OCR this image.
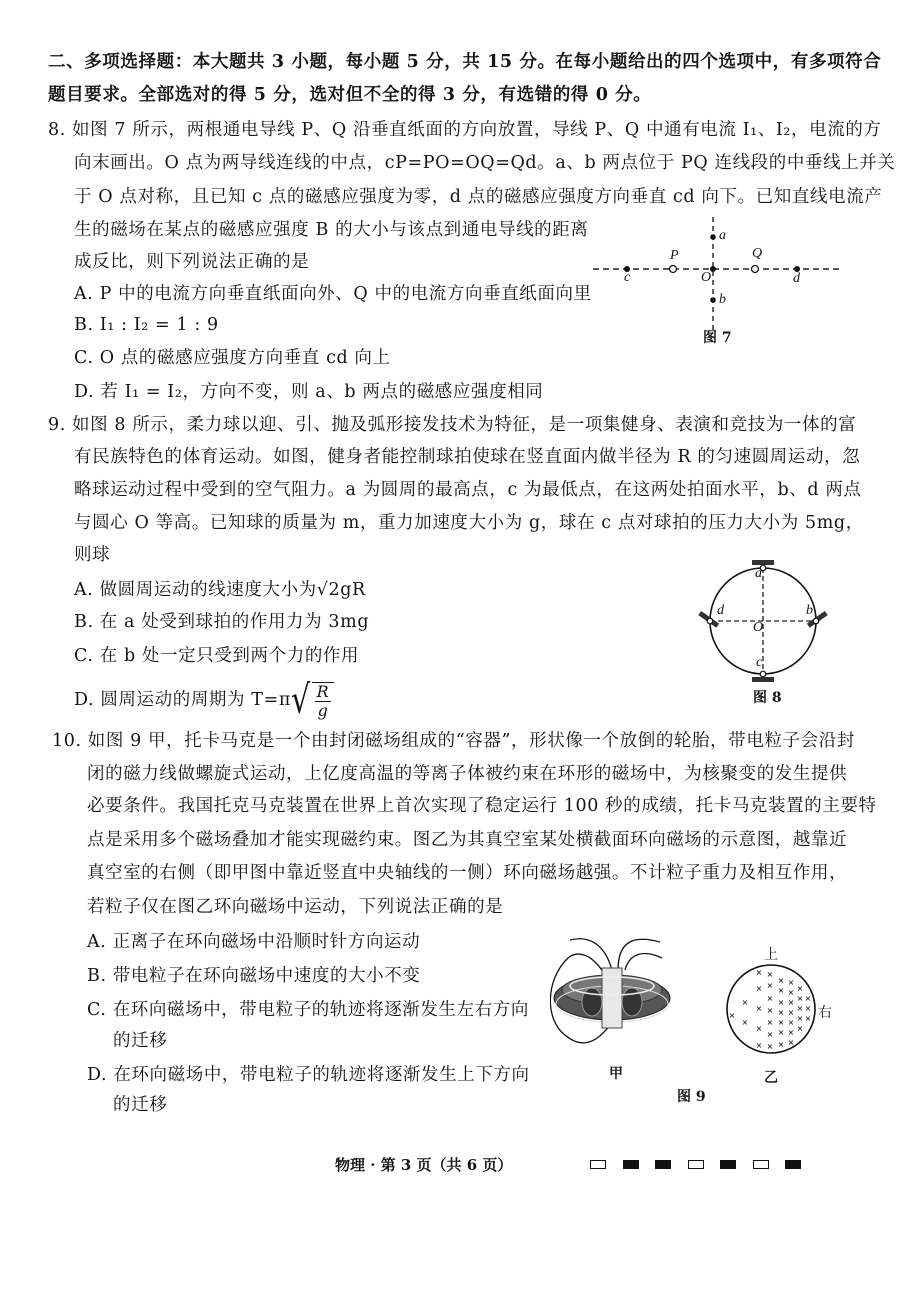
二、多项选择题：本大题共 3 小题，每小题 5 分，共 15 分。在每小题给出的四个选项中，有多项符合
题目要求。全部选对的得 5 分，选对但不全的得 3 分，有选错的得 0 分。
8. 如图 7 所示，两根通电导线 P、Q 沿垂直纸面的方向放置，导线 P、Q 中通有电流 I₁、I₂，电流的方
向末画出。O 点为两导线连线的中点，cP=PO=OQ=Qd。a、b 两点位于 PQ 连线段的中垂线上并关
于 O 点对称，且已知 c 点的磁感应强度为零，d 点的磁感应强度方向垂直 cd 向下。已知直线电流产
生的磁场在某点的磁感应强度 B 的大小与该点到通电导线的距离
成反比，则下列说法正确的是
A. P 中的电流方向垂直纸面向外、Q 中的电流方向垂直纸面向里
B. I₁ : I₂ = 1 : 9
C. O 点的磁感应强度方向垂直 cd 向上
D. 若 I₁ = I₂，方向不变，则 a、b 两点的磁感应强度相同
P	Q
c	O	d
a
b
图 7
9. 如图 8 所示，柔力球以迎、引、抛及弧形接发技术为特征，是一项集健身、表演和竞技为一体的富
有民族特色的体育运动。如图，健身者能控制球拍使球在竖直面内做半径为 R 的匀速圆周运动，忽
略球运动过程中受到的空气阻力。a 为圆周的最高点，c 为最低点，在这两处拍面水平，b、d 两点
与圆心 O 等高。已知球的质量为 m，重力加速度大小为 g，球在 c 点对球拍的压力大小为 5mg，
则球
A. 做圆周运动的线速度大小为√2gR
B. 在 a 处受到球拍的作用力为 3mg
C. 在 b 处一定只受到两个力的作用
D. 圆周运动的周期为 $T=\pi√ \frac{R}{g}$
a
d	b
O
c
图 8
10. 如图 9 甲，托卡马克是一个由封闭磁场组成的“容器”，形状像一个放倒的轮胎，带电粒子会沿封
闭的磁力线做螺旋式运动，上亿度高温的等离子体被约束在环形的磁场中，为核聚变的发生提供
必要条件。我国托克马克装置在世界上首次实现了稳定运行 100 秒的成绩，托卡马克装置的主要特
点是采用多个磁场叠加才能实现磁约束。图乙为其真空室某处横截面环向磁场的示意图，越靠近
真空室的右侧（即甲图中靠近竖直中央轴线的一侧）环向磁场越强。不计粒子重力及相互作用，
若粒子仅在图乙环向磁场中运动，下列说法正确的是
A. 正离子在环向磁场中沿顺时针方向运动
B. 带电粒子在环向磁场中速度的大小不变
C. 在环向磁场中，带电粒子的轨迹将逐渐发生左右方向
的迁移
D. 在环向磁场中，带电粒子的轨迹将逐渐发生上下方向
的迁移
×
×
×
×
×
×
×
×
×
×
×
×
×
×
×
×
×
×
×
×
×
×
×
×
×
×
×
×
×
×
×
×
×
×
×
×
×
上
右
甲	乙
图 9
物理 · 第 3 页（共 6 页）
